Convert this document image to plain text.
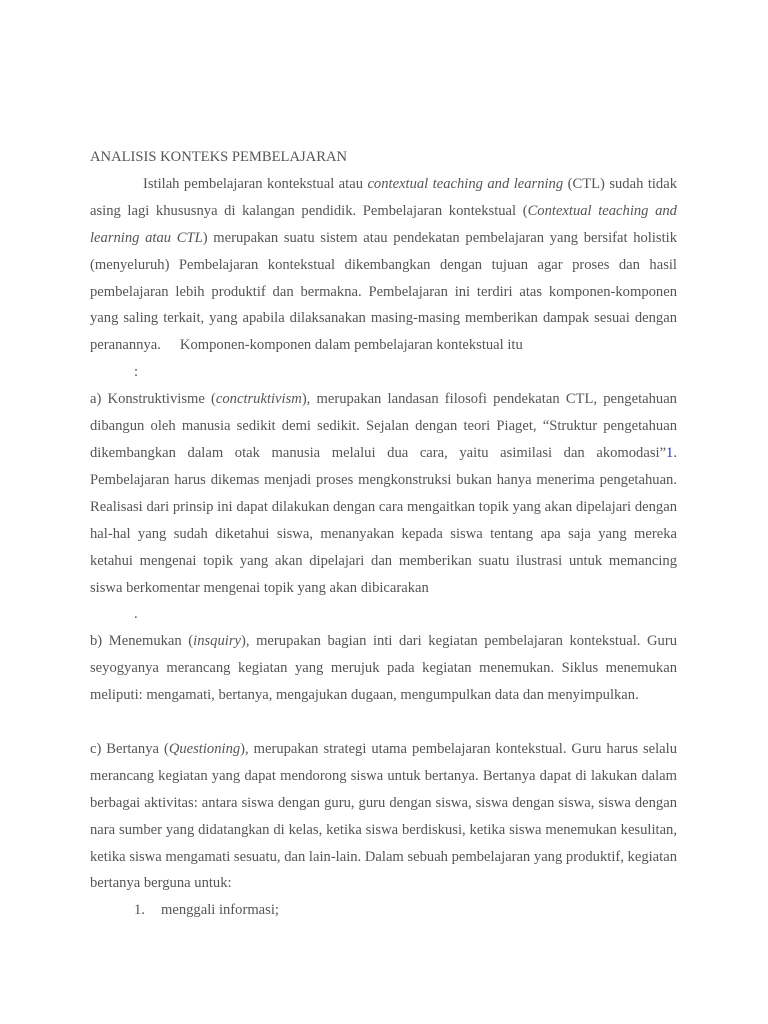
ANALISIS KONTEKS PEMBELAJARAN

Istilah pembelajaran kontekstual atau contextual teaching and learning (CTL) sudah tidak asing lagi khususnya di kalangan pendidik. Pembelajaran kontekstual (Contextual teaching and learning atau CTL) merupakan suatu sistem atau pendekatan pembelajaran yang bersifat holistik (menyeluruh) Pembelajaran kontekstual dikembangkan dengan tujuan agar proses dan hasil pembelajaran lebih produktif dan bermakna. Pembelajaran ini terdiri atas komponen-komponen yang saling terkait, yang apabila dilaksanakan masing-masing memberikan dampak sesuai dengan peranannya. Komponen-komponen dalam pembelajaran kontekstual itu

:

a) Konstruktivisme (conctruktivism), merupakan landasan filosofi pendekatan CTL, pengetahuan dibangun oleh manusia sedikit demi sedikit. Sejalan dengan teori Piaget, “Struktur pengetahuan dikembangkan dalam otak manusia melalui dua cara, yaitu asimilasi dan akomodasi”1. Pembelajaran harus dikemas menjadi proses mengkonstruksi bukan hanya menerima pengetahuan. Realisasi dari prinsip ini dapat dilakukan dengan cara mengaitkan topik yang akan dipelajari dengan hal-hal yang sudah diketahui siswa, menanyakan kepada siswa tentang apa saja yang mereka ketahui mengenai topik yang akan dipelajari dan memberikan suatu ilustrasi untuk memancing siswa berkomentar mengenai topik yang akan dibicarakan

.

b) Menemukan (insquiry), merupakan bagian inti dari kegiatan pembelajaran kontekstual. Guru seyogyanya merancang kegiatan yang merujuk pada kegiatan menemukan. Siklus menemukan meliputi: mengamati, bertanya, mengajukan dugaan, mengumpulkan data dan menyimpulkan.

c) Bertanya (Questioning), merupakan strategi utama pembelajaran kontekstual. Guru harus selalu merancang kegiatan yang dapat mendorong siswa untuk bertanya. Bertanya dapat di lakukan dalam berbagai aktivitas: antara siswa dengan guru, guru dengan siswa, siswa dengan siswa, siswa dengan nara sumber yang didatangkan di kelas, ketika siswa berdiskusi, ketika siswa menemukan kesulitan, ketika siswa mengamati sesuatu, dan lain-lain. Dalam sebuah pembelajaran yang produktif, kegiatan bertanya berguna untuk:

1. menggali informasi;
